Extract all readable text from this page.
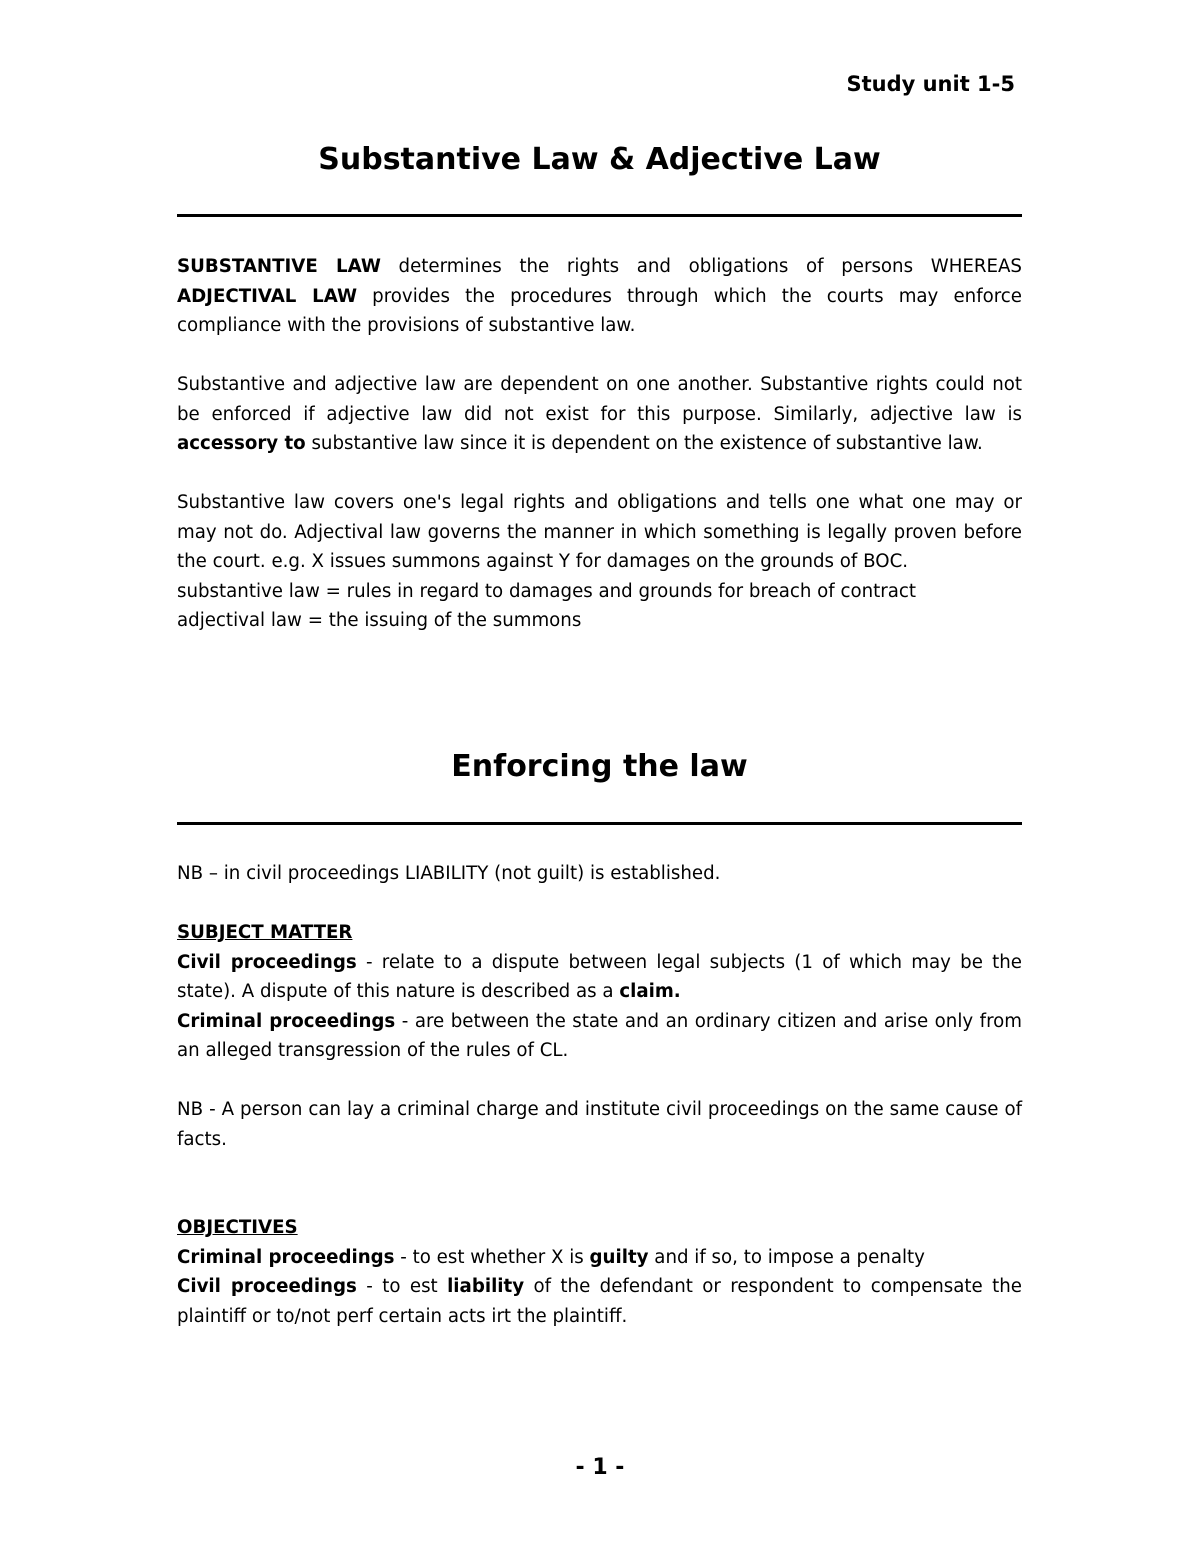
Study unit 1-5
Substantive Law & Adjective Law

SUBSTANTIVE LAW determines the rights and obligations of persons WHEREAS ADJECTIVAL LAW provides the procedures through which the courts may enforce compliance with the provisions of substantive law.

Substantive and adjective law are dependent on one another. Substantive rights could not be enforced if adjective law did not exist for this purpose. Similarly, adjective law is accessory to substantive law since it is dependent on the existence of substantive law.

Substantive law covers one's legal rights and obligations and tells one what one may or may not do. Adjectival law governs the manner in which something is legally proven before the court. e.g. X issues summons against Y for damages on the grounds of BOC.

substantive law = rules in regard to damages and grounds for breach of contract

adjectival law = the issuing of the summons

Enforcing the law

NB – in civil proceedings LIABILITY (not guilt) is established.

SUBJECT MATTER

Civil proceedings - relate to a dispute between legal subjects (1 of which may be the state). A dispute of this nature is described as a claim.

Criminal proceedings - are between the state and an ordinary citizen and arise only from an alleged transgression of the rules of CL.

NB - A person can lay a criminal charge and institute civil proceedings on the same cause of facts.

OBJECTIVES

Criminal proceedings - to est whether X is guilty and if so, to impose a penalty

Civil proceedings - to est liability of the defendant or respondent to compensate the plaintiff or to/not perf certain acts irt the plaintiff.

- 1 -
